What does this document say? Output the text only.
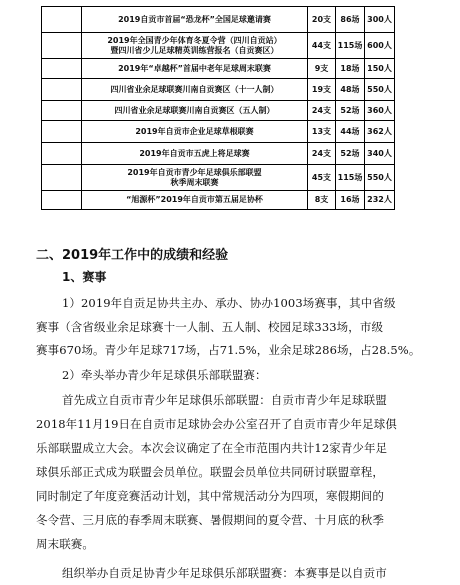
	2019自贡市首届“恐龙杯”全国足球邀请赛	20支	86场	300人

	2019年全国青少年体育冬夏令营（四川自贡站）
暨四川省少儿足球精英训练营报名（自贡赛区）	44支	115场	600人

	2019年“卓越杯”首届中老年足球周末联赛	9支	18场	150人

	四川省业余足球联赛川南自贡赛区（十一人制）	19支	48场	550人

	四川省业余足球联赛川南自贡赛区（五人制）	24支	52场	360人

	2019年自贡市企业足球草根联赛	13支	44场	362人

	2019年自贡市五虎上将足球赛	24支	52场	340人

	2019年自贡市青少年足球俱乐部联盟
秋季周末联赛	45支	115场	550人

	“旭源杯”2019年自贡市第五届足协杯	8支	16场	232人
二、2019年工作中的成绩和经验
1、赛事
1）2019年自贡足协共主办、承办、协办1003场赛事，其中省级
赛事（含省级业余足球赛十一人制、五人制、校园足球333场，市级
赛事670场。青少年足球717场，占71.5%，业余足球286场，占28.5%。
2）牵头举办青少年足球俱乐部联盟赛：
首先成立自贡市青少年足球俱乐部联盟：自贡市青少年足球联盟
2018年11月19日在自贡市足球协会办公室召开了自贡市青少年足球俱
乐部联盟成立大会。本次会议确定了在全市范围内共计12家青少年足
球俱乐部正式成为联盟会员单位。联盟会员单位共同研讨联盟章程，
同时制定了年度竞赛活动计划，其中常规活动分为四项，寒假期间的
冬令营、三月底的春季周末联赛、暑假期间的夏令营、十月底的秋季
周末联赛。
组织举办自贡足协青少年足球俱乐部联盟赛：本赛事是以自贡市
